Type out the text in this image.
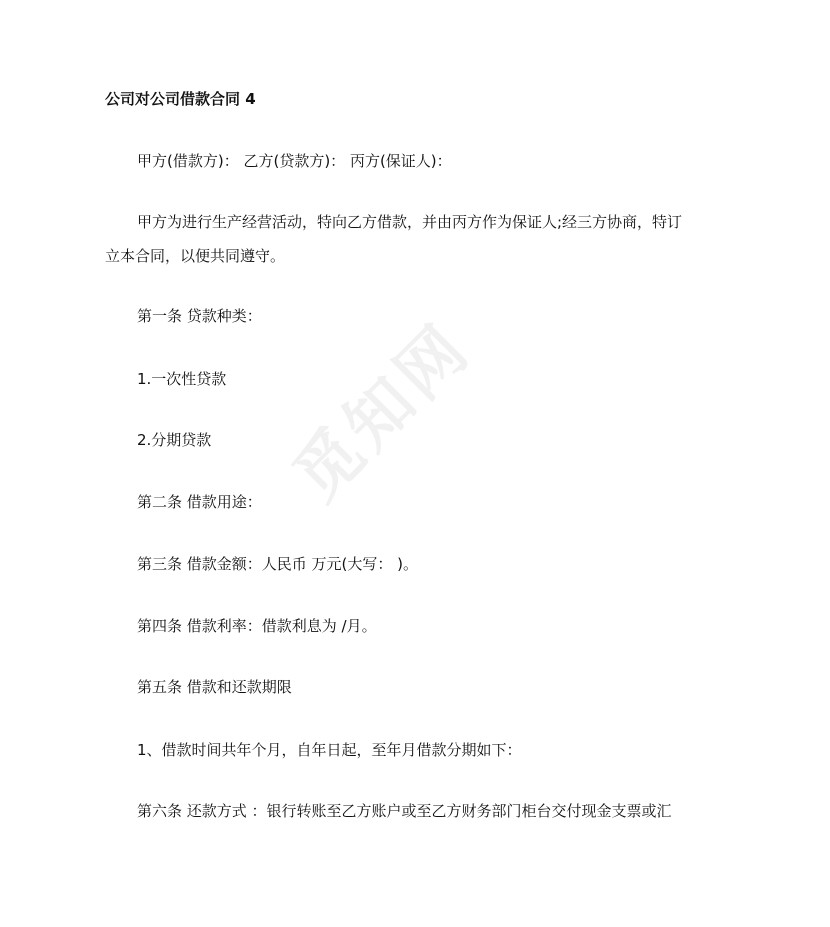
觅知网

公司对公司借款合同 4

甲方(借款方)： 乙方(贷款方)： 丙方(保证人)：

甲方为进行生产经营活动，特向乙方借款，并由丙方作为保证人;经三方协商，特订

立本合同，以便共同遵守。

第一条 贷款种类：

1.一次性贷款

2.分期贷款

第二条 借款用途：

第三条 借款金额：人民币 万元(大写： )。

第四条 借款利率：借款利息为 /月。

第五条 借款和还款期限

1、借款时间共年个月，自年日起，至年月借款分期如下：

第六条 还款方式 ：银行转账至乙方账户或至乙方财务部门柜台交付现金支票或汇
